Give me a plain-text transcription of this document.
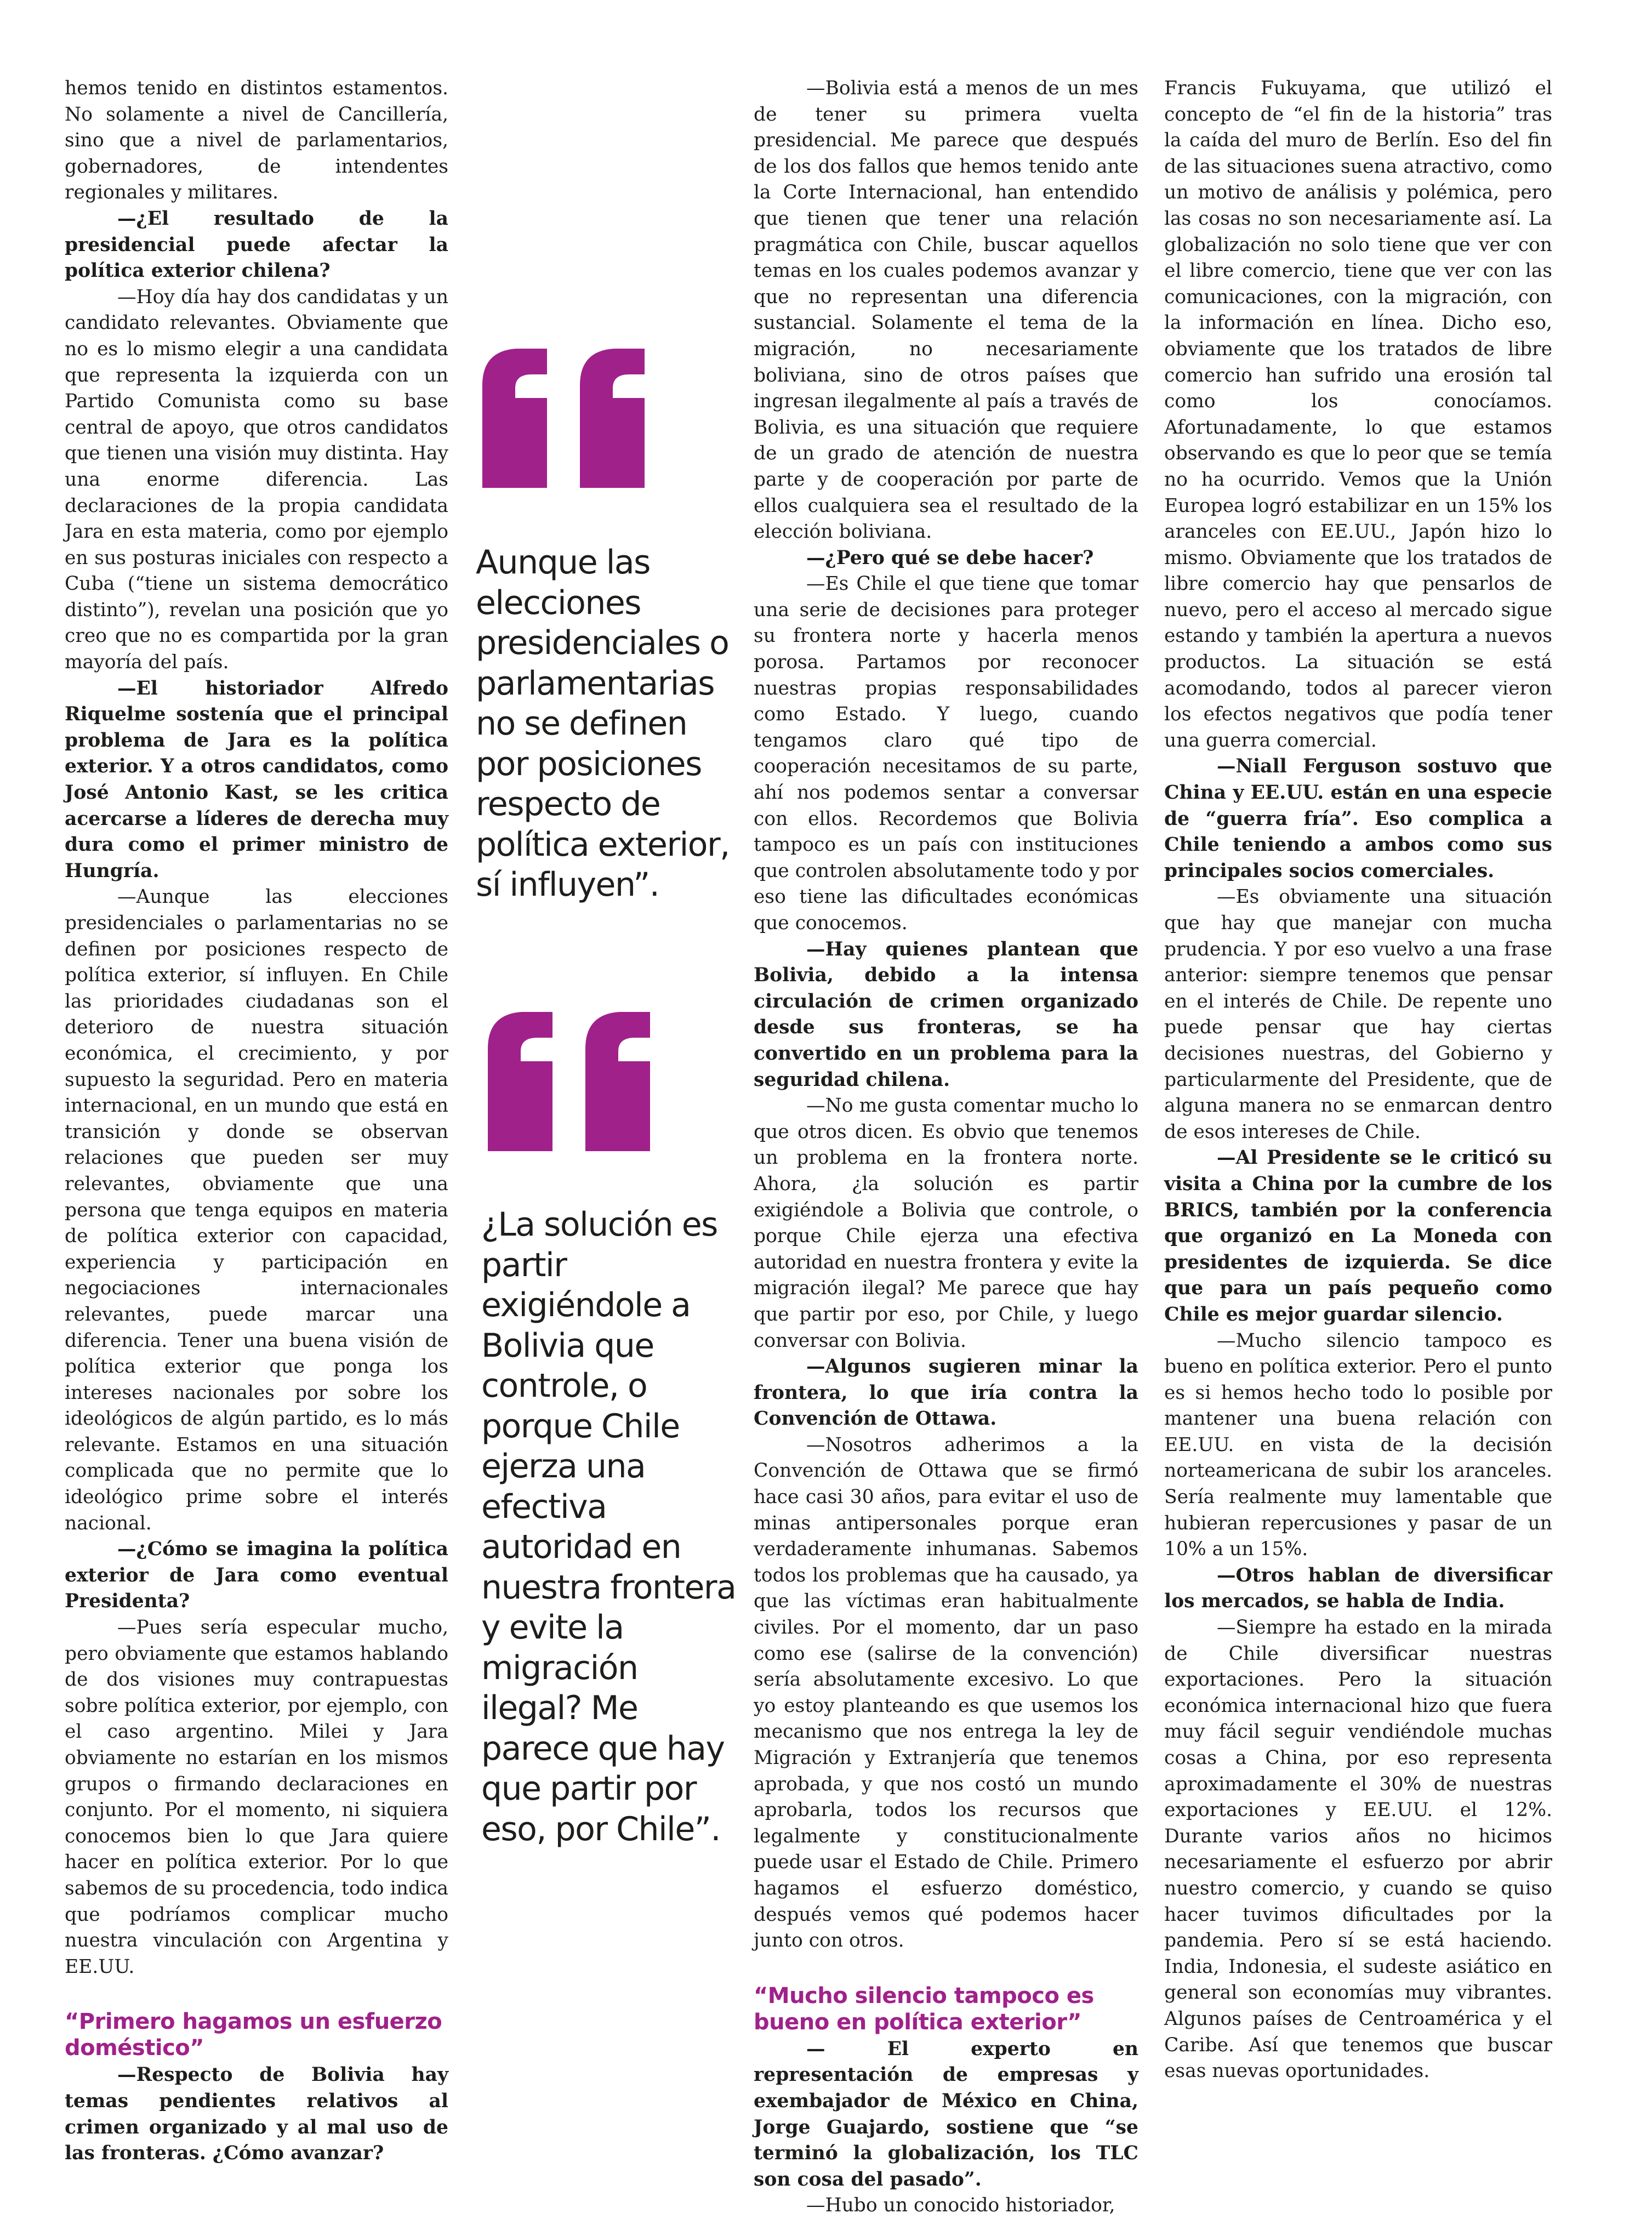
hemos tenido en distintos estamentos. No solamente a nivel de Cancillería, sino que a nivel de parlamentarios, gobernadores, de intendentes regionales y militares.

—¿El resultado de la presidencial puede afectar la política exterior chilena?

—Hoy día hay dos candidatas y un candidato relevantes. Obviamente que no es lo mismo elegir a una candidata que representa la izquierda con un Partido Comunista como su base central de apoyo, que otros candidatos que tienen una visión muy distinta. Hay una enorme diferencia. Las declaraciones de la propia candidata Jara en esta materia, como por ejemplo en sus posturas iniciales con respecto a Cuba (“tiene un sistema democrático distinto”), revelan una posición que yo creo que no es compartida por la gran mayoría del país.

—El historiador Alfredo Riquelme sostenía que el principal problema de Jara es la política exterior. Y a otros candidatos, como José Antonio Kast, se les critica acercarse a líderes de derecha muy dura como el primer ministro de Hungría.

—Aunque las elecciones presidenciales o parlamentarias no se definen por posiciones respecto de política exterior, sí influyen. En Chile las prioridades ciudadanas son el deterioro de nuestra situación económica, el crecimiento, y por supuesto la seguridad. Pero en materia internacional, en un mundo que está en transición y donde se observan relaciones que pueden ser muy relevantes, obviamente que una persona que tenga equipos en materia de política exterior con capacidad, experiencia y participación en negociaciones internacionales relevantes, puede marcar una diferencia. Tener una buena visión de política exterior que ponga los intereses nacionales por sobre los ideológicos de algún partido, es lo más relevante. Estamos en una situación complicada que no permite que lo ideológico prime sobre el interés nacional.

—¿Cómo se imagina la política exterior de Jara como eventual Presidenta?

—Pues sería especular mucho, pero obviamente que estamos hablando de dos visiones muy contrapuestas sobre política exterior, por ejemplo, con el caso argentino. Milei y Jara obviamente no estarían en los mismos grupos o firmando declaraciones en conjunto. Por el momento, ni siquiera conocemos bien lo que Jara quiere hacer en política exterior. Por lo que sabemos de su procedencia, todo indica que podríamos complicar mucho nuestra vinculación con Argentina y EE.UU.

“Primero hagamos un esfuerzo doméstico”

—Respecto de Bolivia hay temas pendientes relativos al crimen organizado y al mal uso de las fronteras. ¿Cómo avanzar?

Aunque las elecciones presidenciales o parlamentarias no se definen por posiciones respecto de política exterior, sí influyen”.
¿La solución es partir exigiéndole a Bolivia que controle, o porque Chile ejerza una efectiva autoridad en nuestra frontera y evite la migración ilegal? Me parece que hay que partir por eso, por Chile”.

—Bolivia está a menos de un mes de tener su primera vuelta presidencial. Me parece que después de los dos fallos que hemos tenido ante la Corte Internacional, han entendido que tienen que tener una relación pragmática con Chile, buscar aquellos temas en los cuales podemos avanzar y que no representan una diferencia sustancial. Solamente el tema de la migración, no necesariamente boliviana, sino de otros países que ingresan ilegalmente al país a través de Bolivia, es una situación que requiere de un grado de atención de nuestra parte y de cooperación por parte de ellos cualquiera sea el resultado de la elección boliviana.

—¿Pero qué se debe hacer?

—Es Chile el que tiene que tomar una serie de decisiones para proteger su frontera norte y hacerla menos porosa. Partamos por reconocer nuestras propias responsabilidades como Estado. Y luego, cuando tengamos claro qué tipo de cooperación necesitamos de su parte, ahí nos podemos sentar a conversar con ellos. Recordemos que Bolivia tampoco es un país con instituciones que controlen absolutamente todo y por eso tiene las dificultades económicas que conocemos.

—Hay quienes plantean que Bolivia, debido a la intensa circulación de crimen organizado desde sus fronteras, se ha convertido en un problema para la seguridad chilena.

—No me gusta comentar mucho lo que otros dicen. Es obvio que tenemos un problema en la frontera norte. Ahora, ¿la solución es partir exigiéndole a Bolivia que controle, o porque Chile ejerza una efectiva autoridad en nuestra frontera y evite la migración ilegal? Me parece que hay que partir por eso, por Chile, y luego conversar con Bolivia.

—Algunos sugieren minar la frontera, lo que iría contra la Convención de Ottawa.

—Nosotros adherimos a la Convención de Ottawa que se firmó hace casi 30 años, para evitar el uso de minas antipersonales porque eran verdaderamente inhumanas. Sabemos todos los problemas que ha causado, ya que las víctimas eran habitualmente civiles. Por el momento, dar un paso como ese (salirse de la convención) sería absolutamente excesivo. Lo que yo estoy planteando es que usemos los mecanismo que nos entrega la ley de Migración y Extranjería que tenemos aprobada, y que nos costó un mundo aprobarla, todos los recursos que legalmente y constitucionalmente puede usar el Estado de Chile. Primero hagamos el esfuerzo doméstico, después vemos qué podemos hacer junto con otros.

“Mucho silencio tampoco es bueno en política exterior”

— El experto en representación de empresas y exembajador de México en China, Jorge Guajardo, sostiene que “se terminó la globalización, los TLC son cosa del pasado”.

—Hubo un conocido historiador,

Francis Fukuyama, que utilizó el concepto de “el fin de la historia” tras la caída del muro de Berlín. Eso del fin de las situaciones suena atractivo, como un motivo de análisis y polémica, pero las cosas no son necesariamente así. La globalización no solo tiene que ver con el libre comercio, tiene que ver con las comunicaciones, con la migración, con la información en línea. Dicho eso, obviamente que los tratados de libre comercio han sufrido una erosión tal como los conocíamos. Afortunadamente, lo que estamos observando es que lo peor que se temía no ha ocurrido. Vemos que la Unión Europea logró estabilizar en un 15% los aranceles con EE.UU., Japón hizo lo mismo. Obviamente que los tratados de libre comercio hay que pensarlos de nuevo, pero el acceso al mercado sigue estando y también la apertura a nuevos productos. La situación se está acomodando, todos al parecer vieron los efectos negativos que podía tener una guerra comercial.

—Niall Ferguson sostuvo que China y EE.UU. están en una especie de “guerra fría”. Eso complica a Chile teniendo a ambos como sus principales socios comerciales.

—Es obviamente una situación que hay que manejar con mucha prudencia. Y por eso vuelvo a una frase anterior: siempre tenemos que pensar en el interés de Chile. De repente uno puede pensar que hay ciertas decisiones nuestras, del Gobierno y particularmente del Presidente, que de alguna manera no se enmarcan dentro de esos intereses de Chile.

—Al Presidente se le criticó su visita a China por la cumbre de los BRICS, también por la conferencia que organizó en La Moneda con presidentes de izquierda. Se dice que para un país pequeño como Chile es mejor guardar silencio.

—Mucho silencio tampoco es bueno en política exterior. Pero el punto es si hemos hecho todo lo posible por mantener una buena relación con EE.UU. en vista de la decisión norteamericana de subir los aranceles. Sería realmente muy lamentable que hubieran repercusiones y pasar de un 10% a un 15%.

—Otros hablan de diversificar los mercados, se habla de India.

—Siempre ha estado en la mirada de Chile diversificar nuestras exportaciones. Pero la situación económica internacional hizo que fuera muy fácil seguir vendiéndole muchas cosas a China, por eso representa aproximadamente el 30% de nuestras exportaciones y EE.UU. el 12%. Durante varios años no hicimos necesariamente el esfuerzo por abrir nuestro comercio, y cuando se quiso hacer tuvimos dificultades por la pandemia. Pero sí se está haciendo. India, Indonesia, el sudeste asiático en general son economías muy vibrantes. Algunos países de Centroamérica y el Caribe. Así que tenemos que buscar esas nuevas oportunidades.
